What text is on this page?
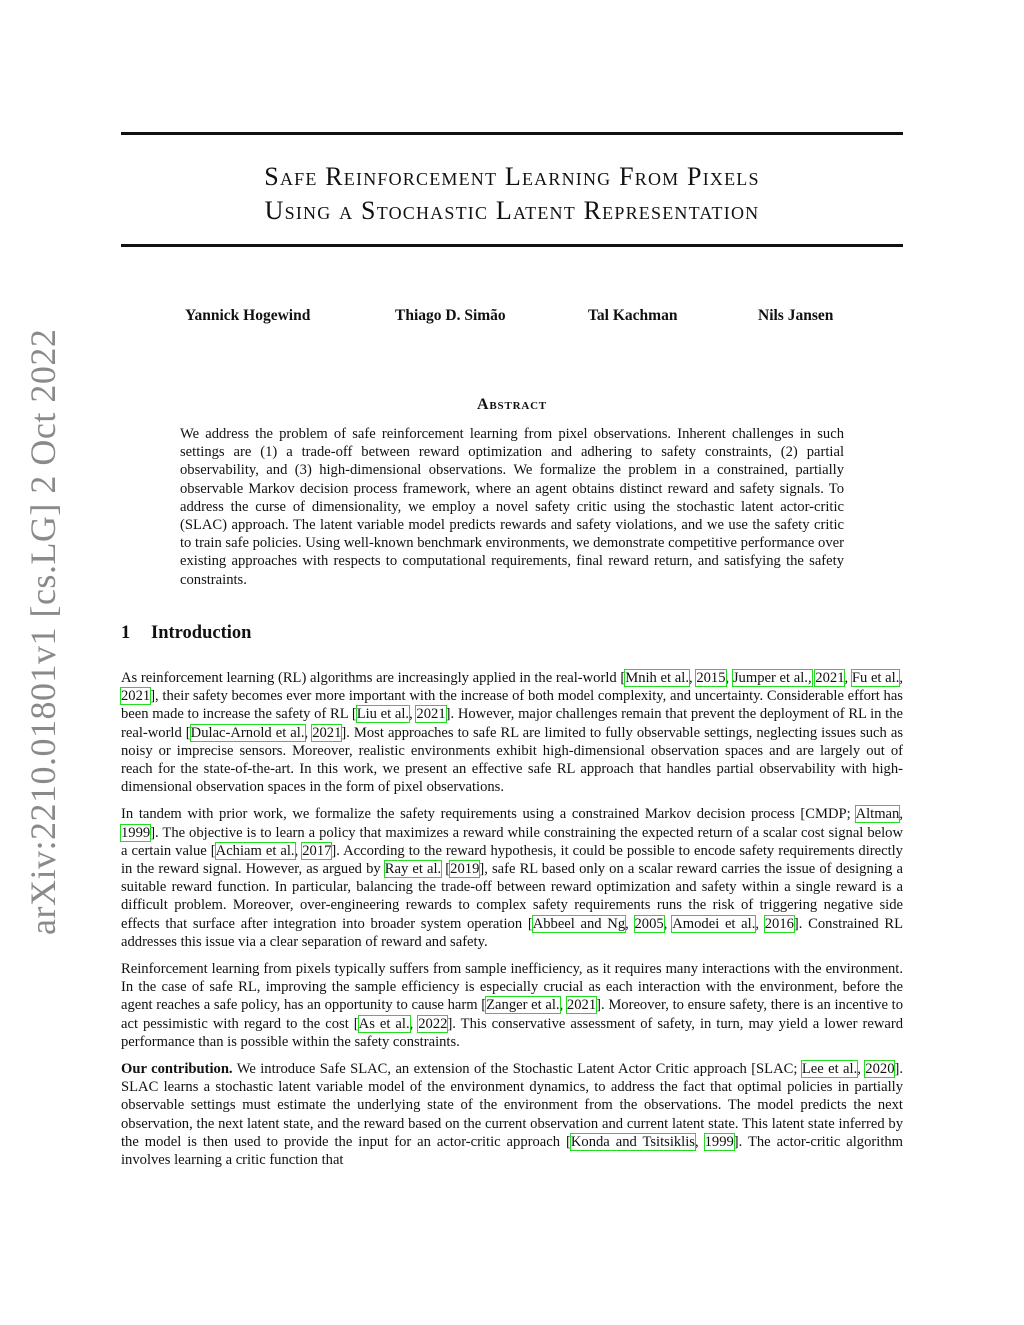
arXiv:2210.01801v1 [cs.LG] 2 Oct 2022
Safe Reinforcement Learning From Pixels
Using a Stochastic Latent Representation
Yannick Hogewind	Thiago D. Simão	Tal Kachman	Nils Jansen
Abstract
We address the problem of safe reinforcement learning from pixel observations. Inherent challenges in such settings are (1) a trade-off between reward optimization and adhering to safety constraints, (2) partial observability, and (3) high-dimensional observations. We formalize the problem in a constrained, partially observable Markov decision process framework, where an agent obtains distinct reward and safety signals. To address the curse of dimensionality, we employ a novel safety critic using the stochastic latent actor-critic (SLAC) approach. The latent variable model predicts rewards and safety violations, and we use the safety critic to train safe policies. Using well-known benchmark environments, we demonstrate competitive performance over existing approaches with respects to computational requirements, final reward return, and satisfying the safety constraints.
1 Introduction

As reinforcement learning (RL) algorithms are increasingly applied in the real-world [Mnih et al., 2015, Jumper et al., 2021, Fu et al., 2021], their safety becomes ever more important with the increase of both model complexity, and uncertainty. Considerable effort has been made to increase the safety of RL [Liu et al., 2021]. However, major challenges remain that prevent the deployment of RL in the real-world [Dulac-Arnold et al., 2021]. Most approaches to safe RL are limited to fully observable settings, neglecting issues such as noisy or imprecise sensors. Moreover, realistic environments exhibit high-dimensional observation spaces and are largely out of reach for the state-of-the-art. In this work, we present an effective safe RL approach that handles partial observability with high-dimensional observation spaces in the form of pixel observations.

In tandem with prior work, we formalize the safety requirements using a constrained Markov decision process [CMDP; Altman, 1999]. The objective is to learn a policy that maximizes a reward while constraining the expected return of a scalar cost signal below a certain value [Achiam et al., 2017]. According to the reward hypothesis, it could be possible to encode safety requirements directly in the reward signal. However, as argued by Ray et al. [2019], safe RL based only on a scalar reward carries the issue of designing a suitable reward function. In particular, balancing the trade-off between reward optimization and safety within a single reward is a difficult problem. Moreover, over-engineering rewards to complex safety requirements runs the risk of triggering negative side effects that surface after integration into broader system operation [Abbeel and Ng, 2005, Amodei et al., 2016]. Constrained RL addresses this issue via a clear separation of reward and safety.

Reinforcement learning from pixels typically suffers from sample inefficiency, as it requires many interactions with the environment. In the case of safe RL, improving the sample efficiency is especially crucial as each interaction with the environment, before the agent reaches a safe policy, has an opportunity to cause harm [Zanger et al., 2021]. Moreover, to ensure safety, there is an incentive to act pessimistic with regard to the cost [As et al., 2022]. This conservative assessment of safety, in turn, may yield a lower reward performance than is possible within the safety constraints.

Our contribution. We introduce Safe SLAC, an extension of the Stochastic Latent Actor Critic approach [SLAC; Lee et al., 2020]. SLAC learns a stochastic latent variable model of the environment dynamics, to address the fact that optimal policies in partially observable settings must estimate the underlying state of the environment from the observations. The model predicts the next observation, the next latent state, and the reward based on the current observation and current latent state. This latent state inferred by the model is then used to provide the input for an actor-critic approach [Konda and Tsitsiklis, 1999]. The actor-critic algorithm involves learning a critic function that
